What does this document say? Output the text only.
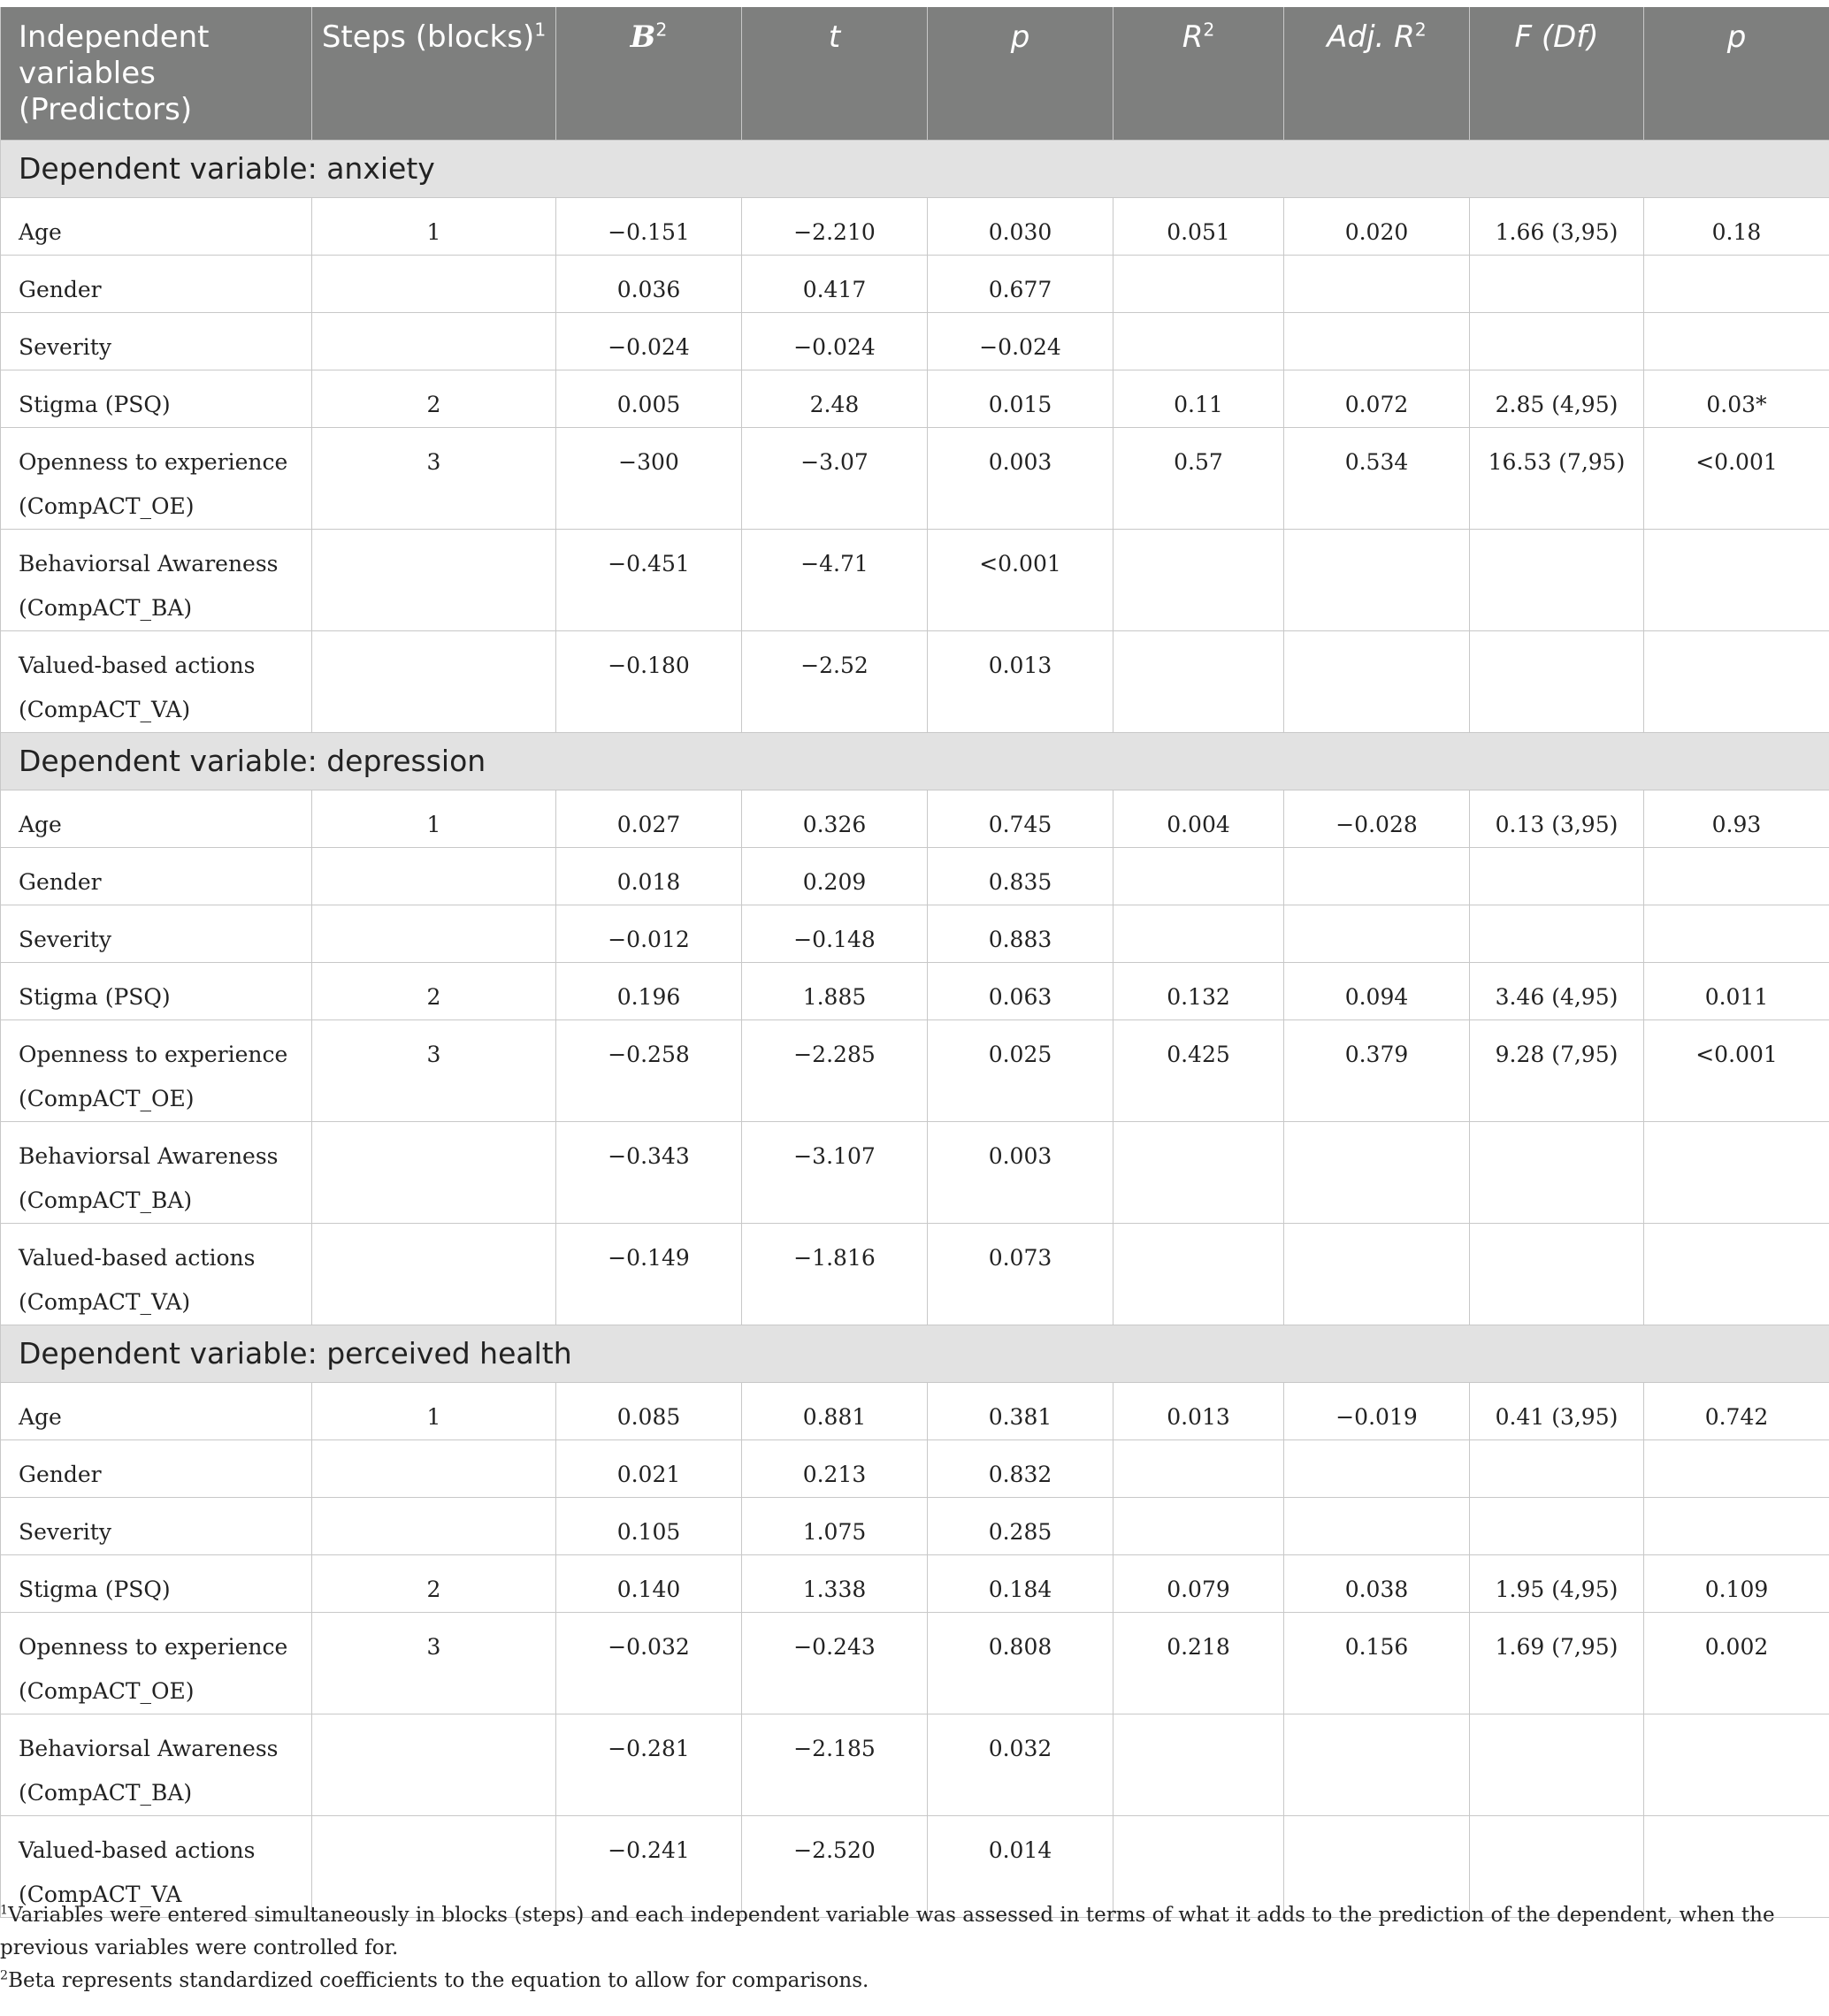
Independent variables (Predictors)	Steps (blocks)$^1$	$B^2$	t	p	$R^2$	Adj. $R^2$	F (Df)	p
Dependent variable: anxiety								
Age	1	−0.151	−2.210	0.030	0.051	0.020	1.66 (3,95)	0.18
Gender		0.036	0.417	0.677				
Severity		−0.024	−0.024	−0.024				
Stigma (PSQ)	2	0.005	2.48	0.015	0.11	0.072	2.85 (4,95)	0.03*
Openness to experience (CompACT_OE)	3	−300	−3.07	0.003	0.57	0.534	16.53 (7,95)	<0.001
Behaviorsal Awareness (CompACT_BA)		−0.451	−4.71	<0.001				
Valued-based actions (CompACT_VA)		−0.180	−2.52	0.013				
Dependent variable: depression								
Age	1	0.027	0.326	0.745	0.004	−0.028	0.13 (3,95)	0.93
Gender		0.018	0.209	0.835				
Severity		−0.012	−0.148	0.883				
Stigma (PSQ)	2	0.196	1.885	0.063	0.132	0.094	3.46 (4,95)	0.011
Openness to experience (CompACT_OE)	3	−0.258	−2.285	0.025	0.425	0.379	9.28 (7,95)	<0.001
Behaviorsal Awareness (CompACT_BA)		−0.343	−3.107	0.003				
Valued-based actions (CompACT_VA)		−0.149	−1.816	0.073				
Dependent variable: perceived health								
Age	1	0.085	0.881	0.381	0.013	−0.019	0.41 (3,95)	0.742
Gender		0.021	0.213	0.832				
Severity		0.105	1.075	0.285				
Stigma (PSQ)	2	0.140	1.338	0.184	0.079	0.038	1.95 (4,95)	0.109
Openness to experience (CompACT_OE)	3	−0.032	−0.243	0.808	0.218	0.156	1.69 (7,95)	0.002
Behaviorsal Awareness (CompACT_BA)		−0.281	−2.185	0.032				
Valued-based actions (CompACT_VA		−0.241	−2.520	0.014				

$^1$Variables were entered simultaneously in blocks (steps) and each independent variable was assessed in terms of what it adds to the prediction of the dependent, when the previous variables were controlled for.

$^2$Beta represents standardized coefficients to the equation to allow for comparisons.
